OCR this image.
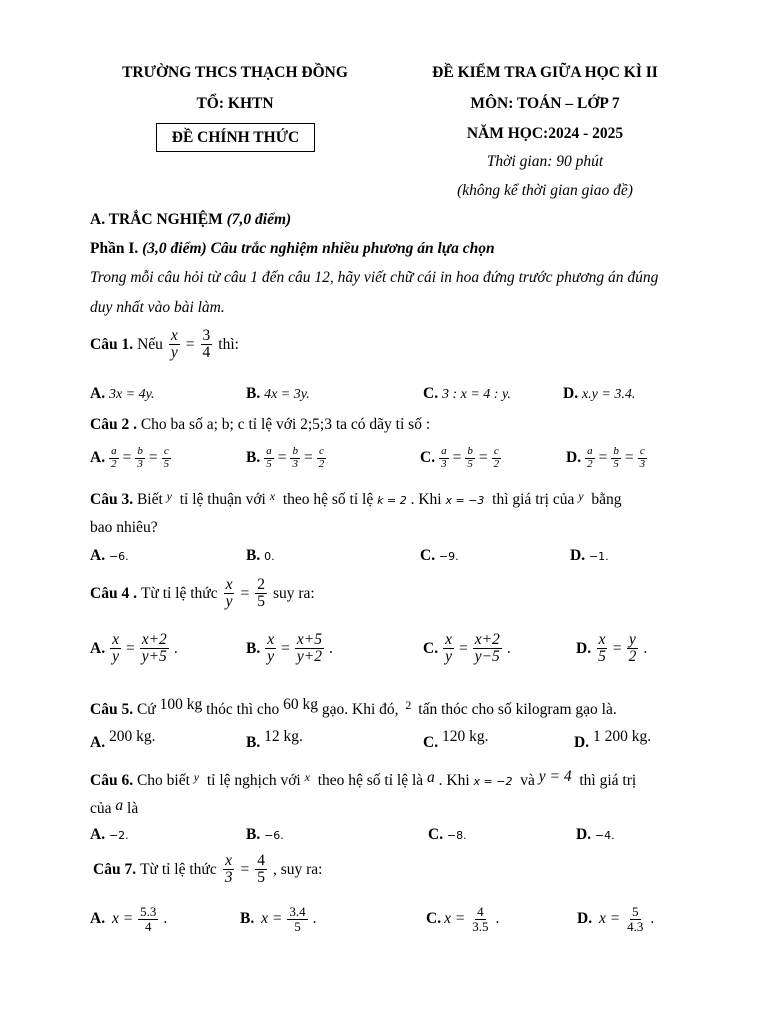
TRƯỜNG THCS THẠCH ĐỒNG
TỔ: KHTN
ĐỀ CHÍNH THỨC
ĐỀ KIỂM TRA GIỮA HỌC KÌ II
MÔN: TOÁN – LỚP 7
NĂM HỌC:2024 - 2025
Thời gian: 90 phút
(không kể thời gian giao đề)
A. TRẮC NGHIỆM (7,0 điểm)
Phần I. (3,0 điểm) Câu trắc nghiệm nhiều phương án lựa chọn
Trong mỗi câu hỏi từ câu 1 đến câu 12, hãy viết chữ cái in hoa đứng trước phương án đúng
duy nhất vào bài làm.
Câu 1. Nếu $\frac{x}{y} = \frac{3}{4}$ thì:
A. 3x = 4y.	B. 4x = 3y.	C. 3 : x = 4 : y.	D. x.y = 3.4.
Câu 2 . Cho ba số a; b; c tỉ lệ với 2;5;3 ta có dãy tỉ số :
A. $\frac{a}{2} = \frac{b}{3} = \frac{c}{5}$	B. $\frac{a}{5} = \frac{b}{3} = \frac{c}{2}$	C. $\frac{a}{3} = \frac{b}{5} = \frac{c}{2}$	D. $\frac{a}{2} = \frac{b}{5} = \frac{c}{3}$
Câu 3. Biết $^y$ tỉ lệ thuận với $^x$ theo hệ số tỉ lệ k = 2 . Khi x = −3 thì giá trị của $^y$ bằng
bao nhiêu?
A. −6.	B. 0.	C. −9.	D. −1.
Câu 4 . Từ tỉ lệ thức $\frac{x}{y} = \frac{2}{5}$ suy ra:
A. $\frac{x}{y} = \frac{x+2}{y+5}$ .	B. $\frac{x}{y} = \frac{x+5}{y+2}$ .	C. $\frac{x}{y} = \frac{x+2}{y-5}$ .	D. $\frac{x}{5} = \frac{y}{2}$ .
Câu 5. Cứ 100 kg thóc thì cho 60 kg gạo. Khi đó, $^2$ tấn thóc cho số kilogram gạo là.
A. 200 kg.	B. 12 kg.	C. 120 kg.	D. 1 200 kg.
Câu 6. Cho biết $^y$ tỉ lệ nghịch với $^x$ theo hệ số tỉ lệ là a . Khi x = −2 và y = 4 thì giá trị
của a là
A. −2.	B. −6.	C. −8.	D. −4.
Câu 7. Từ tỉ lệ thức $\frac{x}{3} = \frac{4}{5}$ , suy ra:
A. $x = \frac{5.3}{4}$ .	B. $x = \frac{3.4}{5}$ .	C. $x = \frac{4}{3.5}$ .	D. $x = \frac{5}{4.3}$ .
